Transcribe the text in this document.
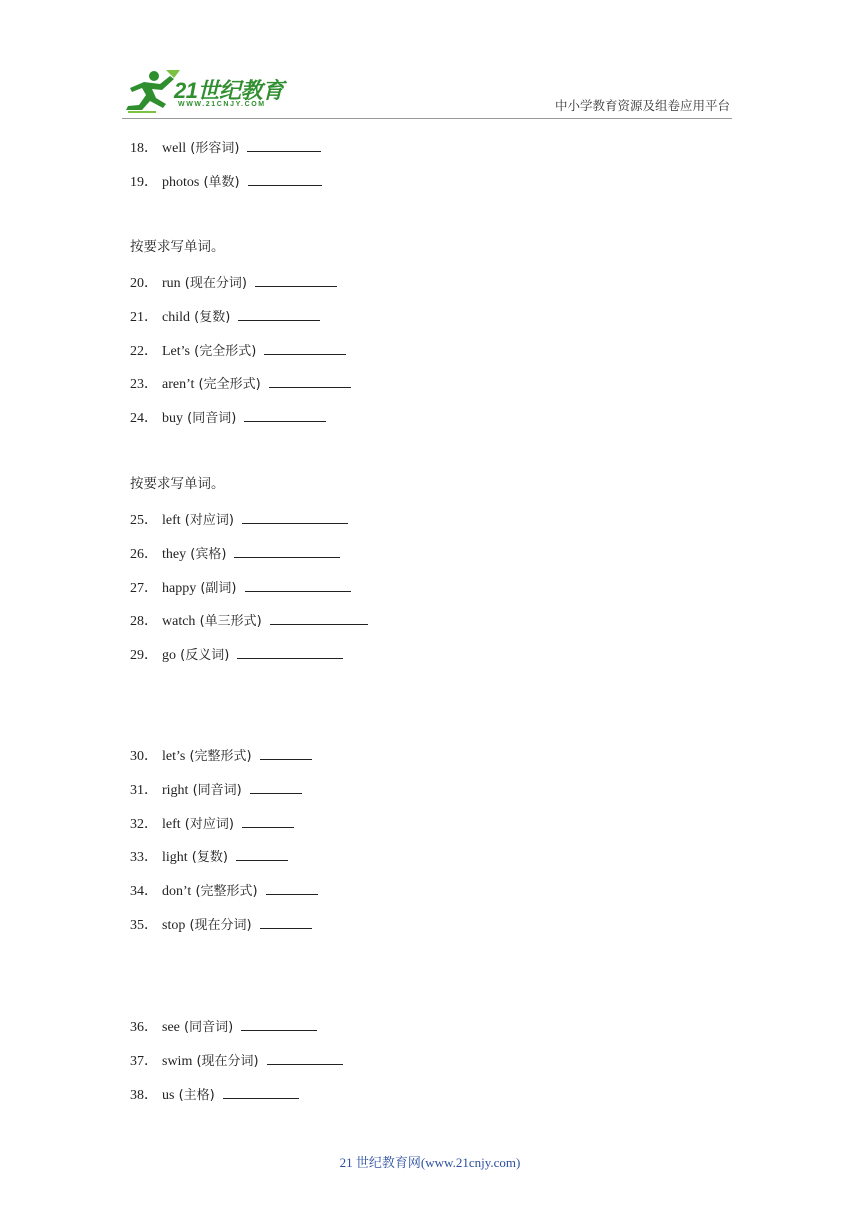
21世纪教育
WWW.21CNJY.COM	中小学教育资源及组卷应用平台
18． well (形容词)
19． photos (单数)
按要求写单词。
20． run (现在分词)
21． child (复数)
22． Let’s (完全形式)
23． aren’t (完全形式)
24． buy (同音词)
按要求写单词。
25． left (对应词)
26． they (宾格)
27． happy (副词)
28． watch (单三形式)
29． go (反义词)
30． let’s (完整形式)
31． right (同音词)
32． left (对应词)
33． light (复数)
34． don’t (完整形式)
35． stop (现在分词)
36． see (同音词)
37． swim (现在分词)
38． us (主格)
21 世纪教育网(www.21cnjy.com)
